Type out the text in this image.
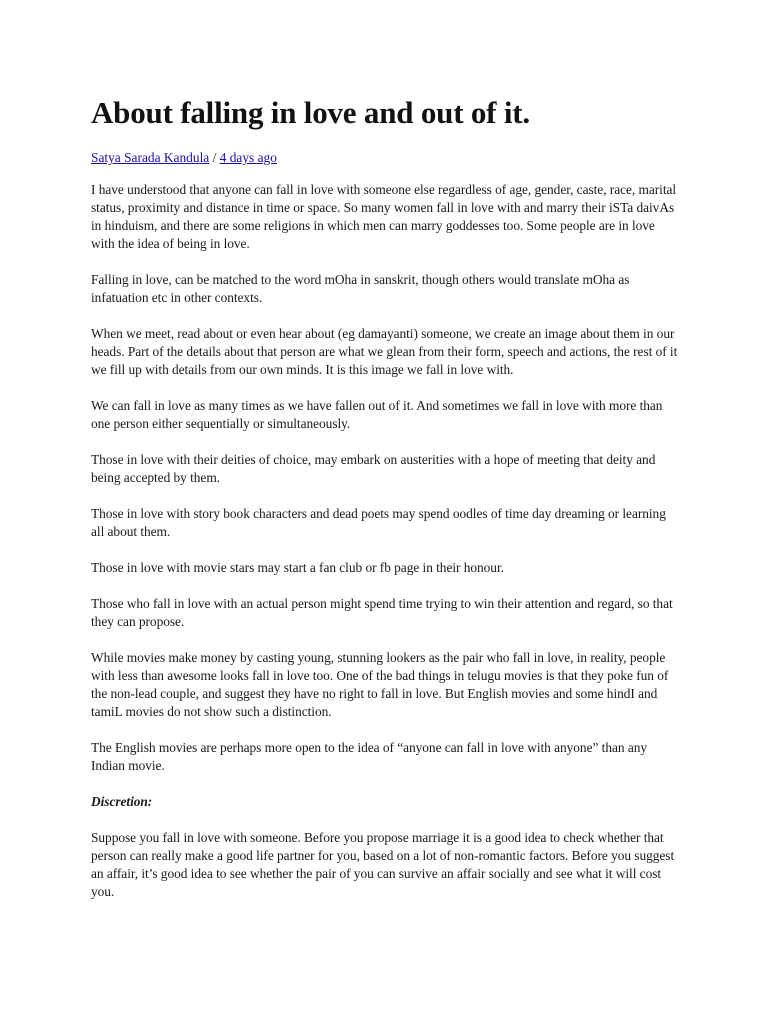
About falling in love and out of it.
Satya Sarada Kandula / 4 days ago

I have understood that anyone can fall in love with someone else regardless of age, gender, caste, race, marital status, proximity and distance in time or space. So many women fall in love with and marry their iSTa daivAs in hinduism, and there are some religions in which men can marry goddesses too. Some people are in love with the idea of being in love.

Falling in love, can be matched to the word mOha in sanskrit, though others would translate mOha as infatuation etc in other contexts.

When we meet, read about or even hear about (eg damayanti) someone, we create an image about them in our heads. Part of the details about that person are what we glean from their form, speech and actions, the rest of it we fill up with details from our own minds. It is this image we fall in love with.

We can fall in love as many times as we have fallen out of it. And sometimes we fall in love with more than one person either sequentially or simultaneously.

Those in love with their deities of choice, may embark on austerities with a hope of meeting that deity and being accepted by them.

Those in love with story book characters and dead poets may spend oodles of time day dreaming or learning all about them.

Those in love with movie stars may start a fan club or fb page in their honour.

Those who fall in love with an actual person might spend time trying to win their attention and regard, so that they can propose.

While movies make money by casting young, stunning lookers as the pair who fall in love, in reality, people with less than awesome looks fall in love too. One of the bad things in telugu movies is that they poke fun of the non-lead couple, and suggest they have no right to fall in love. But English movies and some hindI and tamiL movies do not show such a distinction.

The English movies are perhaps more open to the idea of “anyone can fall in love with anyone” than any Indian movie.

Discretion:

Suppose you fall in love with someone. Before you propose marriage it is a good idea to check whether that person can really make a good life partner for you, based on a lot of non-romantic factors. Before you suggest an affair, it’s good idea to see whether the pair of you can survive an affair socially and see what it will cost you.
